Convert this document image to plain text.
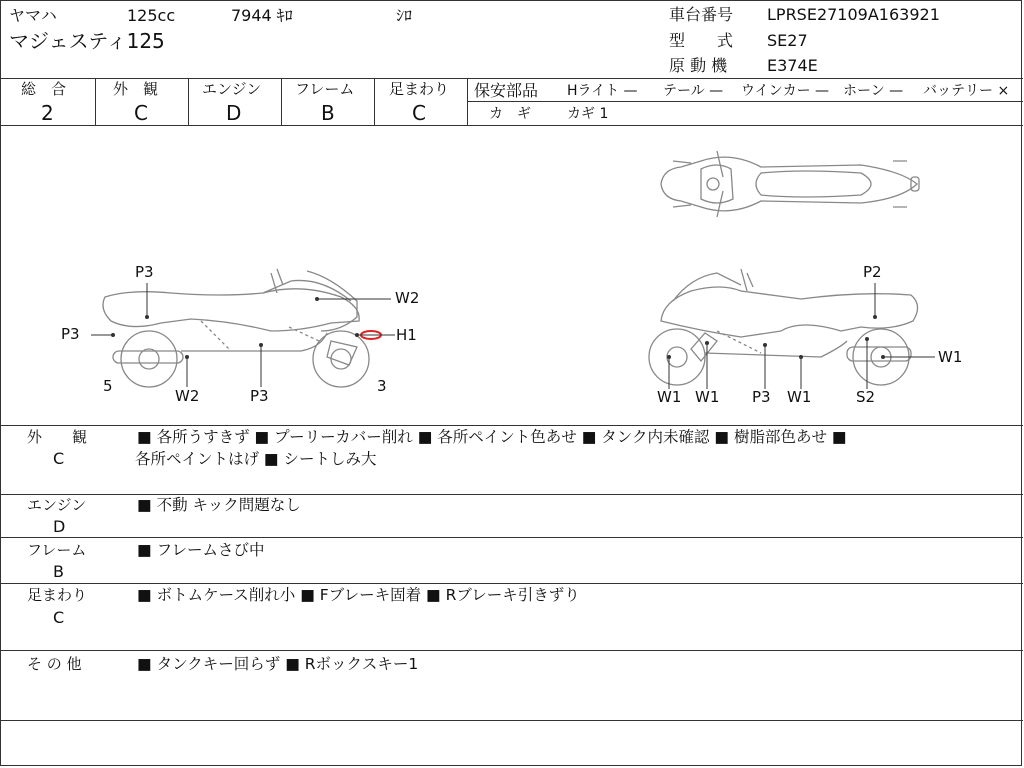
ヤマハ	125cc	7944 ｷﾛ	ｼﾛ
マジェスティ125
車台番号 LPRSE27109A163921
型　　式 SE27
原 動 機 E374E
総　合
2
外　観
C
エンジン
D
フレーム
B
足まわり
C
保安部品 Hライト — テール — ウインカー — ホーン — バッテリー ×
カ　ギ	カギ 1
P3
P3
W2
H1
5
W2	P3
3
P2
W1
W1 W1 P3 W1	S2
外　　観
C
■ 各所うすきず ■ プーリーカバー削れ ■ 各所ペイント色あせ ■ タンク内未確認 ■ 樹脂部色あせ ■
各所ペイントはげ ■ シートしみ大
エンジン
D
■ 不動 キック問題なし
フレーム
B
■ フレームさび中
足まわり
C
■ ボトムケース削れ小 ■ Fブレーキ固着 ■ Rブレーキ引きずり
そ の 他	■ タンクキー回らず ■ Rボックスキー1
